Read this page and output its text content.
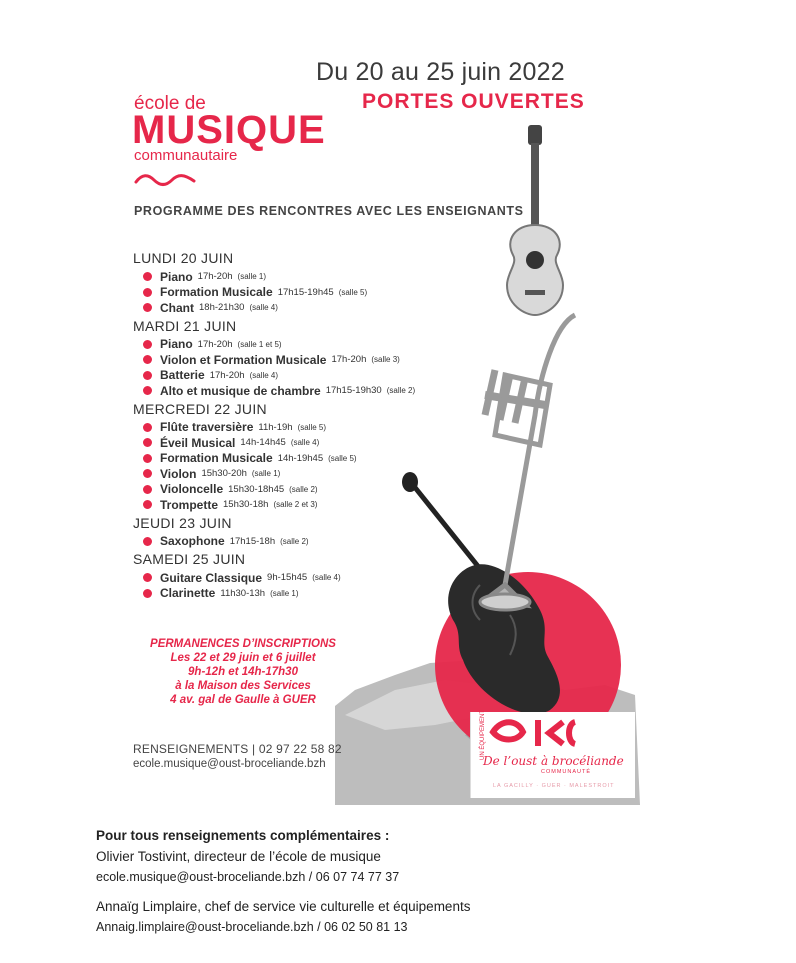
Du 20 au 25 juin 2022
PORTES OUVERTES
école de
MUSIQUE
communautaire
PROGRAMME DES RENCONTRES AVEC LES ENSEIGNANTS
LUNDI 20 JUIN
Piano 17h-20h (salle 1)
Formation Musicale 17h15-19h45 (salle 5)
Chant 18h-21h30 (salle 4)
MARDI 21 JUIN
Piano 17h-20h (salle 1 et 5)
Violon et Formation Musicale 17h-20h (salle 3)
Batterie 17h-20h (salle 4)
Alto et musique de chambre 17h15-19h30 (salle 2)
MERCREDI 22 JUIN
Flûte traversière 11h-19h (salle 5)
Éveil Musical 14h-14h45 (salle 4)
Formation Musicale 14h-19h45 (salle 5)
Violon 15h30-20h (salle 1)
Violoncelle 15h30-18h45 (salle 2)
Trompette 15h30-18h (salle 2 et 3)
JEUDI 23 JUIN
Saxophone 17h15-18h (salle 2)
SAMEDI 25 JUIN
Guitare Classique 9h-15h45 (salle 4)
Clarinette 11h30-13h (salle 1)
PERMANENCES D’INSCRIPTIONS
Les 22 et 29 juin et 6 juillet
9h-12h et 14h-17h30
à la Maison des Services
4 av. gal de Gaulle à GUER
RENSEIGNEMENTS | 02 97 22 58 82
ecole.musique@oust-broceliande.bzh
UN ÉQUIPEMENT
De l’oust à brocéliande
COMMUNAUTÉ
LA GACILLY · GUER · MALESTROIT
Pour tous renseignements complémentaires :
Olivier Tostivint, directeur de l’école de musique
ecole.musique@oust-broceliande.bzh / 06 07 74 77 37
Annaïg Limplaire, chef de service vie culturelle et équipements
Annaig.limplaire@oust-broceliande.bzh / 06 02 50 81 13
